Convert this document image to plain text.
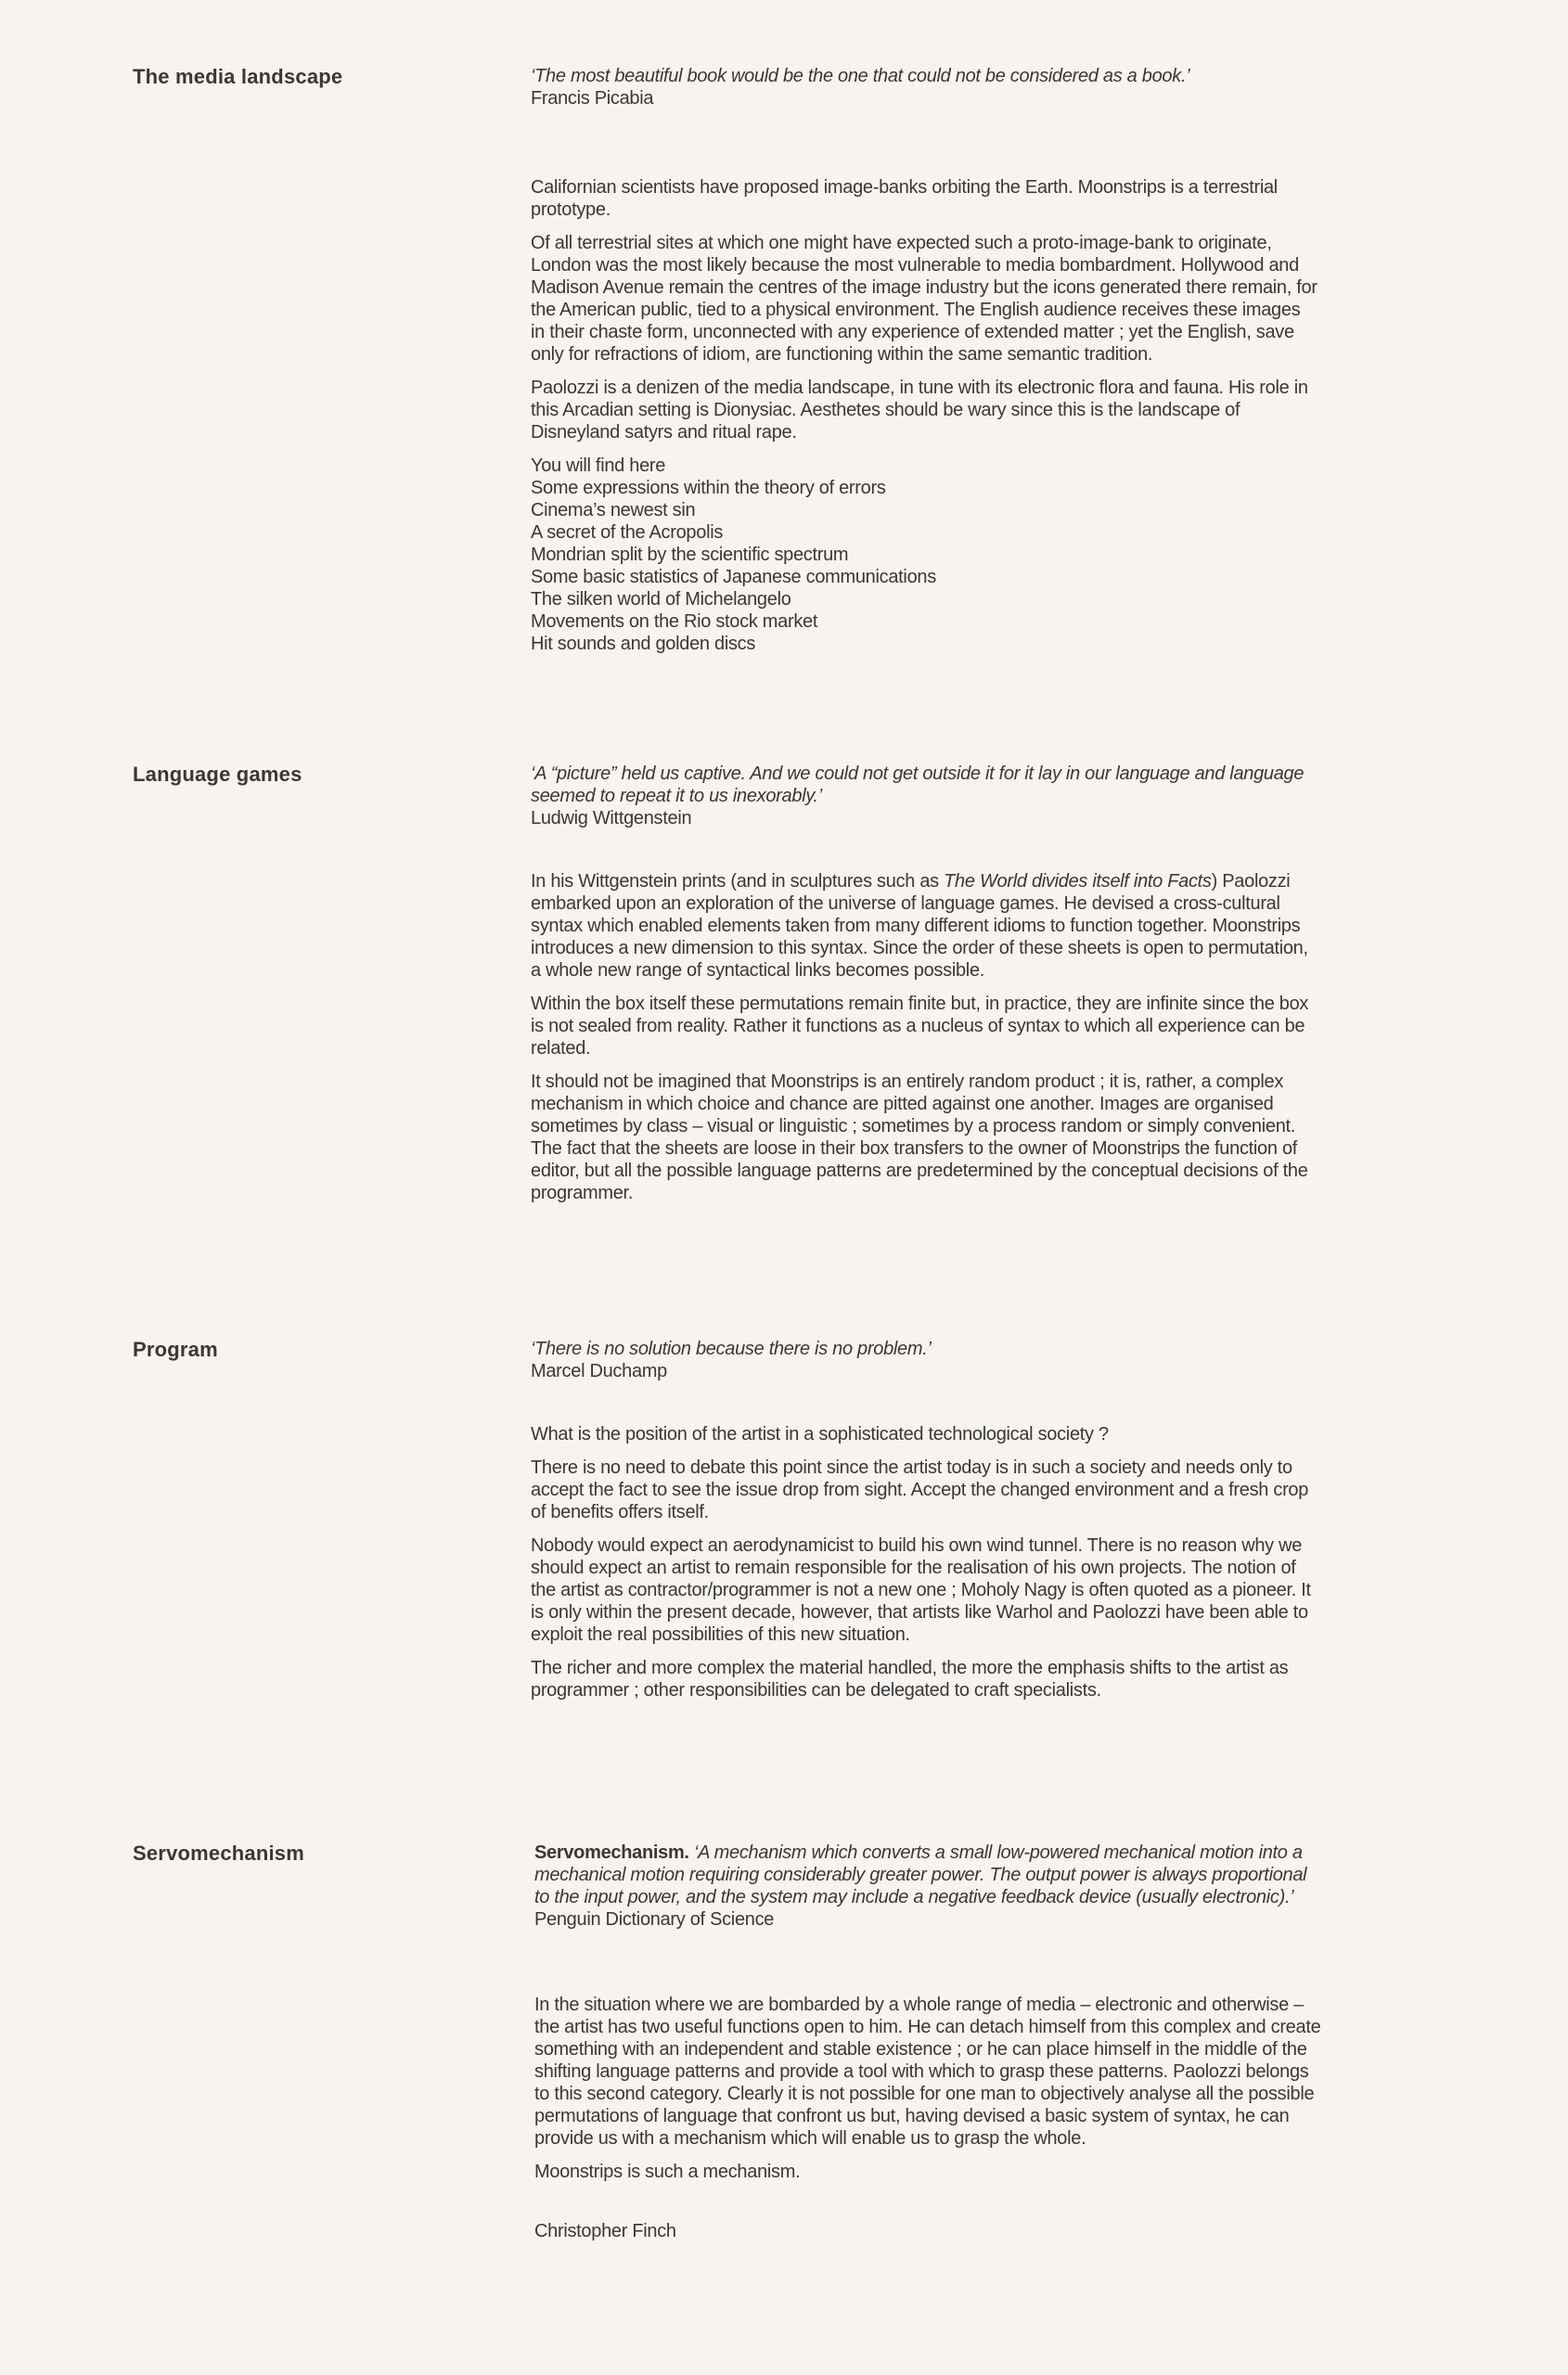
The media landscape	‘The most beautiful book would be the one that could not be considered as a book.’
Francis Picabia

Californian scientists have proposed image-banks orbiting the Earth. Moonstrips is a terrestrial prototype.

Of all terrestrial sites at which one might have expected such a proto-image-bank to originate, London was the most likely because the most vulnerable to media bombardment. Hollywood and Madison Avenue remain the centres of the image industry but the icons generated there remain, for the American public, tied to a physical environment. The English audience receives these images in their chaste form, unconnected with any experience of extended matter ; yet the English, save only for refractions of idiom, are functioning within the same semantic tradition.

Paolozzi is a denizen of the media landscape, in tune with its electronic flora and fauna. His role in this Arcadian setting is Dionysiac. Aesthetes should be wary since this is the landscape of Disneyland satyrs and ritual rape.

You will find here
Some expressions within the theory of errors
Cinema’s newest sin
A secret of the Acropolis
Mondrian split by the scientific spectrum
Some basic statistics of Japanese communications
The silken world of Michelangelo
Movements on the Rio stock market
Hit sounds and golden discs
Language games	‘A “picture” held us captive. And we could not get outside it for it lay in our language and language seemed to repeat it to us inexorably.’
Ludwig Wittgenstein

In his Wittgenstein prints (and in sculptures such as The World divides itself into Facts) Paolozzi embarked upon an exploration of the universe of language games. He devised a cross-cultural syntax which enabled elements taken from many different idioms to function together. Moonstrips introduces a new dimension to this syntax. Since the order of these sheets is open to permutation, a whole new range of syntactical links becomes possible.

Within the box itself these permutations remain finite but, in practice, they are infinite since the box is not sealed from reality. Rather it functions as a nucleus of syntax to which all experience can be related.

It should not be imagined that Moonstrips is an entirely random product ; it is, rather, a complex mechanism in which choice and chance are pitted against one another. Images are organised sometimes by class – visual or linguistic ; sometimes by a process random or simply convenient. The fact that the sheets are loose in their box transfers to the owner of Moonstrips the function of editor, but all the possible language patterns are predetermined by the conceptual decisions of the programmer.

Program	‘There is no solution because there is no problem.’
Marcel Duchamp

What is the position of the artist in a sophisticated technological society ?

There is no need to debate this point since the artist today is in such a society and needs only to accept the fact to see the issue drop from sight. Accept the changed environment and a fresh crop of benefits offers itself.

Nobody would expect an aerodynamicist to build his own wind tunnel. There is no reason why we should expect an artist to remain responsible for the realisation of his own projects. The notion of the artist as contractor/programmer is not a new one ; Moholy Nagy is often quoted as a pioneer. It is only within the present decade, however, that artists like Warhol and Paolozzi have been able to exploit the real possibilities of this new situation.

The richer and more complex the material handled, the more the emphasis shifts to the artist as programmer ; other responsibilities can be delegated to craft specialists.

Servomechanism	Servomechanism. ‘A mechanism which converts a small low-powered mechanical motion into a mechanical motion requiring considerably greater power. The output power is always proportional to the input power, and the system may include a negative feedback device (usually electronic).’
Penguin Dictionary of Science

In the situation where we are bombarded by a whole range of media – electronic and otherwise – the artist has two useful functions open to him. He can detach himself from this complex and create something with an independent and stable existence ; or he can place himself in the middle of the shifting language patterns and provide a tool with which to grasp these patterns. Paolozzi belongs to this second category. Clearly it is not possible for one man to objectively analyse all the possible permutations of language that confront us but, having devised a basic system of syntax, he can provide us with a mechanism which will enable us to grasp the whole.

Moonstrips is such a mechanism.

Christopher Finch
